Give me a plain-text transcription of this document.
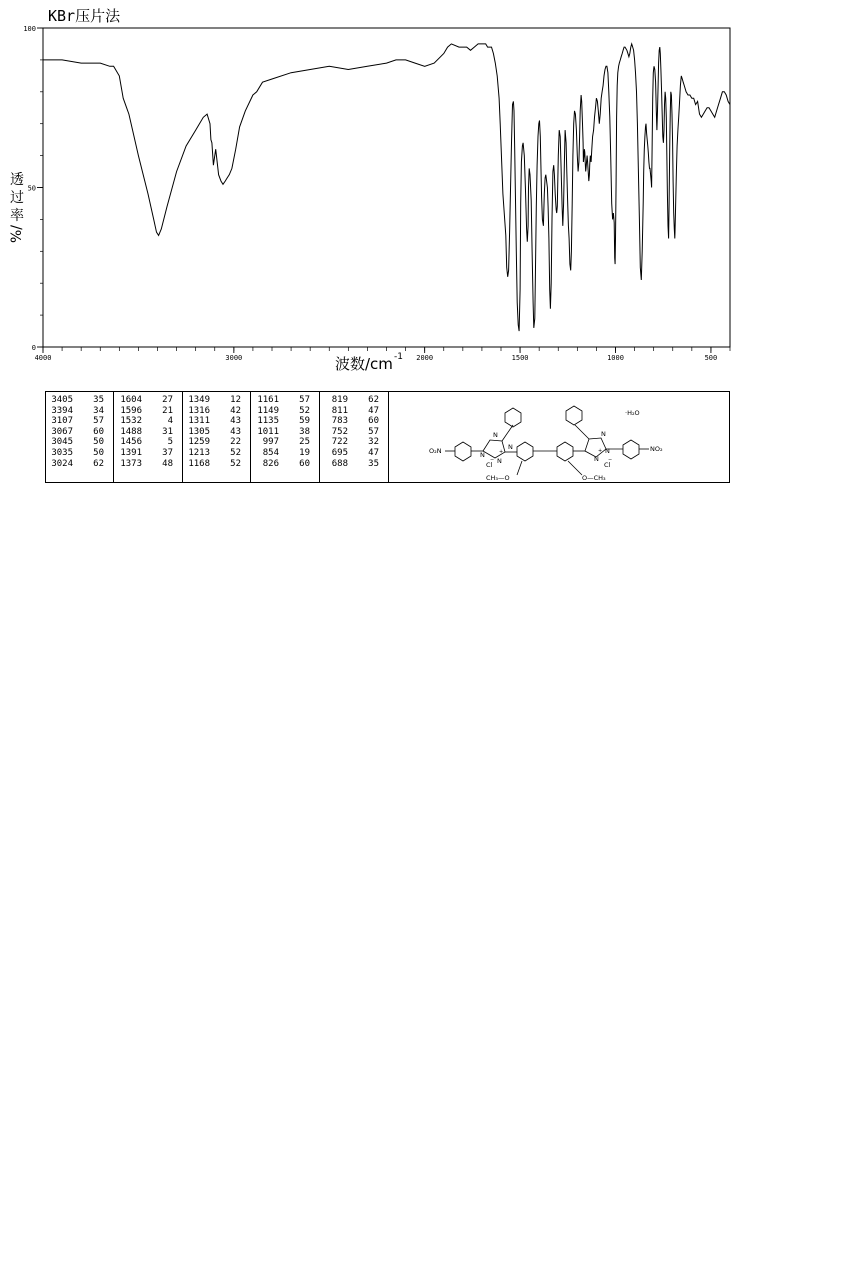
KBr压片法
4000	3000	2000	1500	1000	500
0
50
100
波数/cm -1
透
过
率
%/
3405 35
3394 34
3107 57
3067 60
3045 50
3035 50
3024 62
1604 27
1596 21
1532	4
1488 31
1456	5
1391 37
1373 48
1349 12
1316 42
1311 43
1305 43
1259 22
1213 52
1168 52
1161 57
1149 52
1135 59
1011 38
997 25
854 19
826 60
819 62
811 47
783 60
752 57
722 32
695 47
688 35
O₂N	NO₂
·H₂O
N
N
N
N
+
N
N
N
+
Cl
−
Cl
−
CH₃—O	O—CH₃
